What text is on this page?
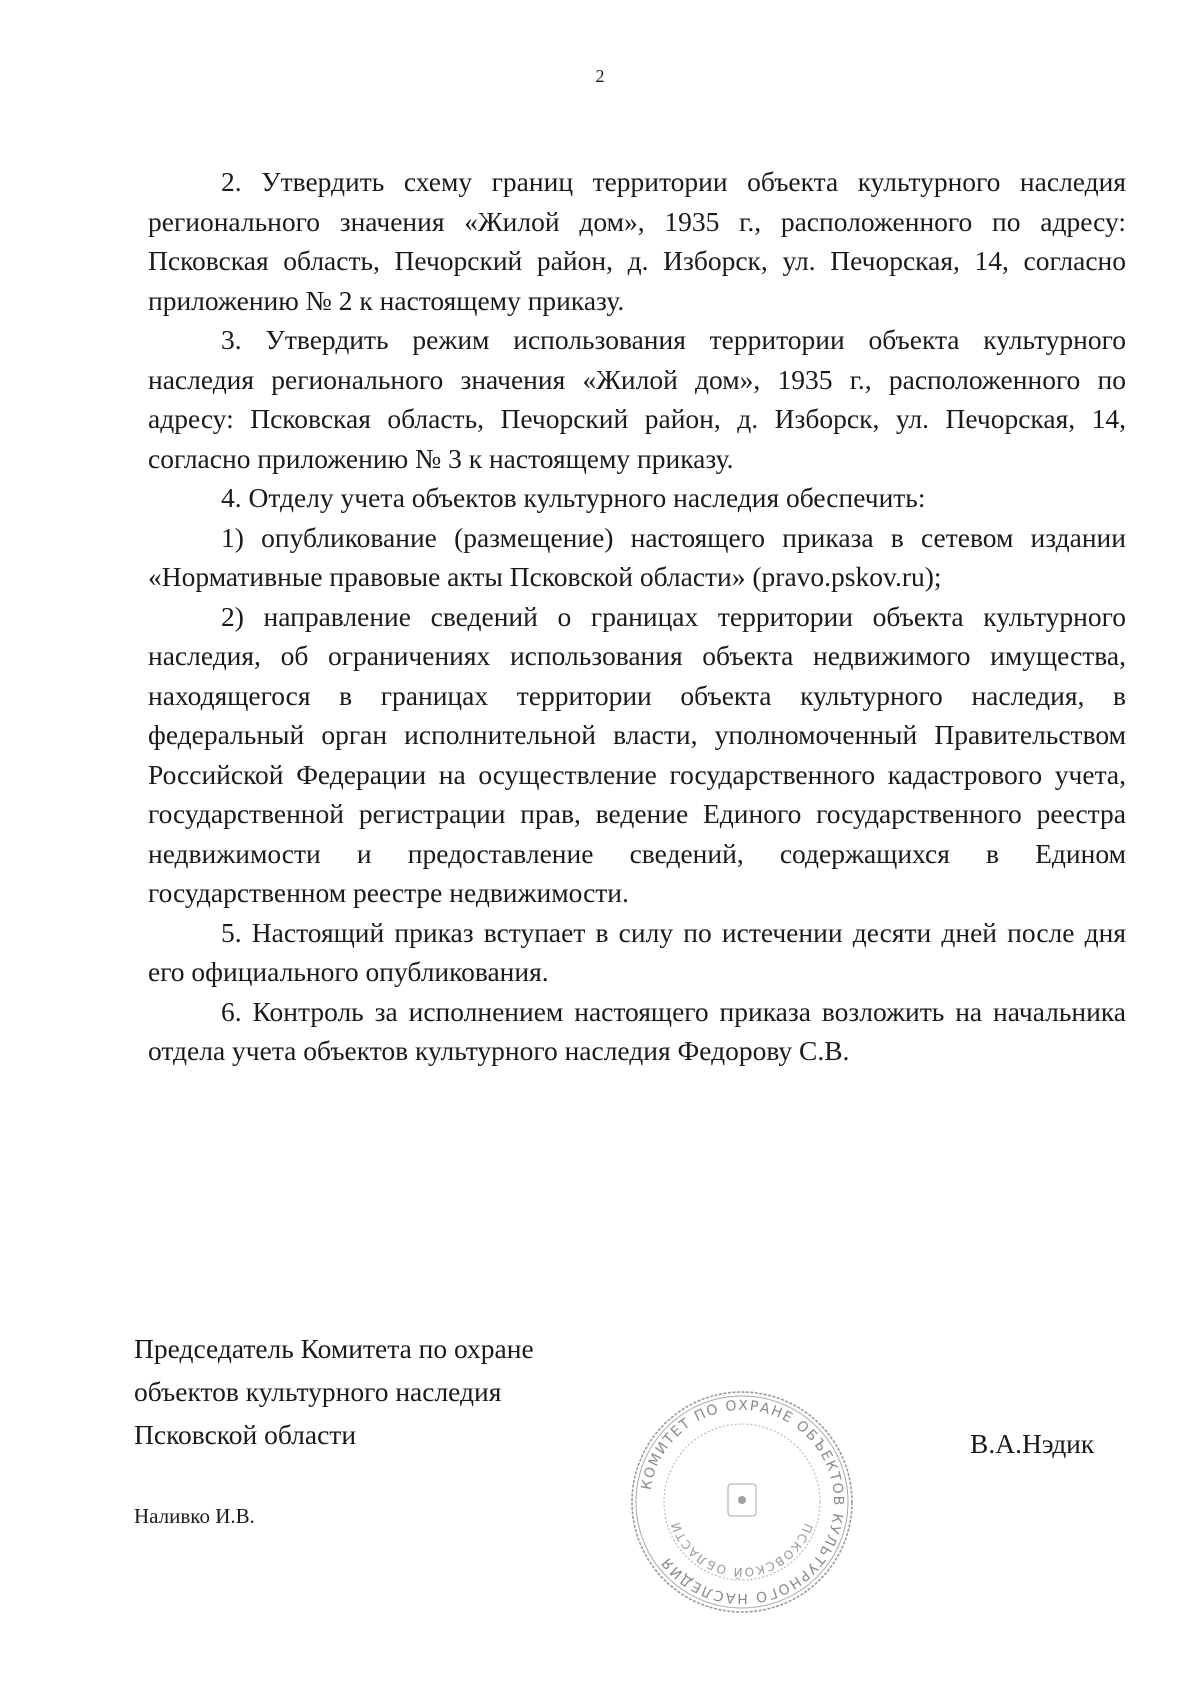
2

2. Утвердить схему границ территории объекта культурного наследия регионального значения «Жилой дом», 1935 г., расположенного по адресу: Псковская область, Печорский район, д. Изборск, ул. Печорская, 14, согласно приложению № 2 к настоящему приказу.

3. Утвердить режим использования территории объекта культурного наследия регионального значения «Жилой дом», 1935 г., расположенного по адресу: Псковская область, Печорский район, д. Изборск, ул. Печорская, 14, согласно приложению № 3 к настоящему приказу.

4. Отделу учета объектов культурного наследия обеспечить:

1) опубликование (размещение) настоящего приказа в сетевом издании «Нормативные правовые акты Псковской области» (pravo.pskov.ru);

2) направление сведений о границах территории объекта культурного наследия, об ограничениях использования объекта недвижимого имущества, находящегося в границах территории объекта культурного наследия, в федеральный орган исполнительной власти, уполномоченный Правительством Российской Федерации на осуществление государственного кадастрового учета, государственной регистрации прав, ведение Единого государственного реестра недвижимости и предоставление сведений, содержащихся в Едином государственном реестре недвижимости.

5. Настоящий приказ вступает в силу по истечении десяти дней после дня его официального опубликования.

6. Контроль за исполнением настоящего приказа возложить на начальника отдела учета объектов культурного наследия Федорову С.В.

Председатель Комитета по охране
объектов культурного наследия
Псковской области
КОМИТЕТ ПО ОХРАНЕ ОБЪЕКТОВ КУЛЬТУРНОГО НАСЛЕДИЯ
ПСКОВСКОЙ ОБЛАСТИ
В.А.Нэдик
Наливко И.В.
